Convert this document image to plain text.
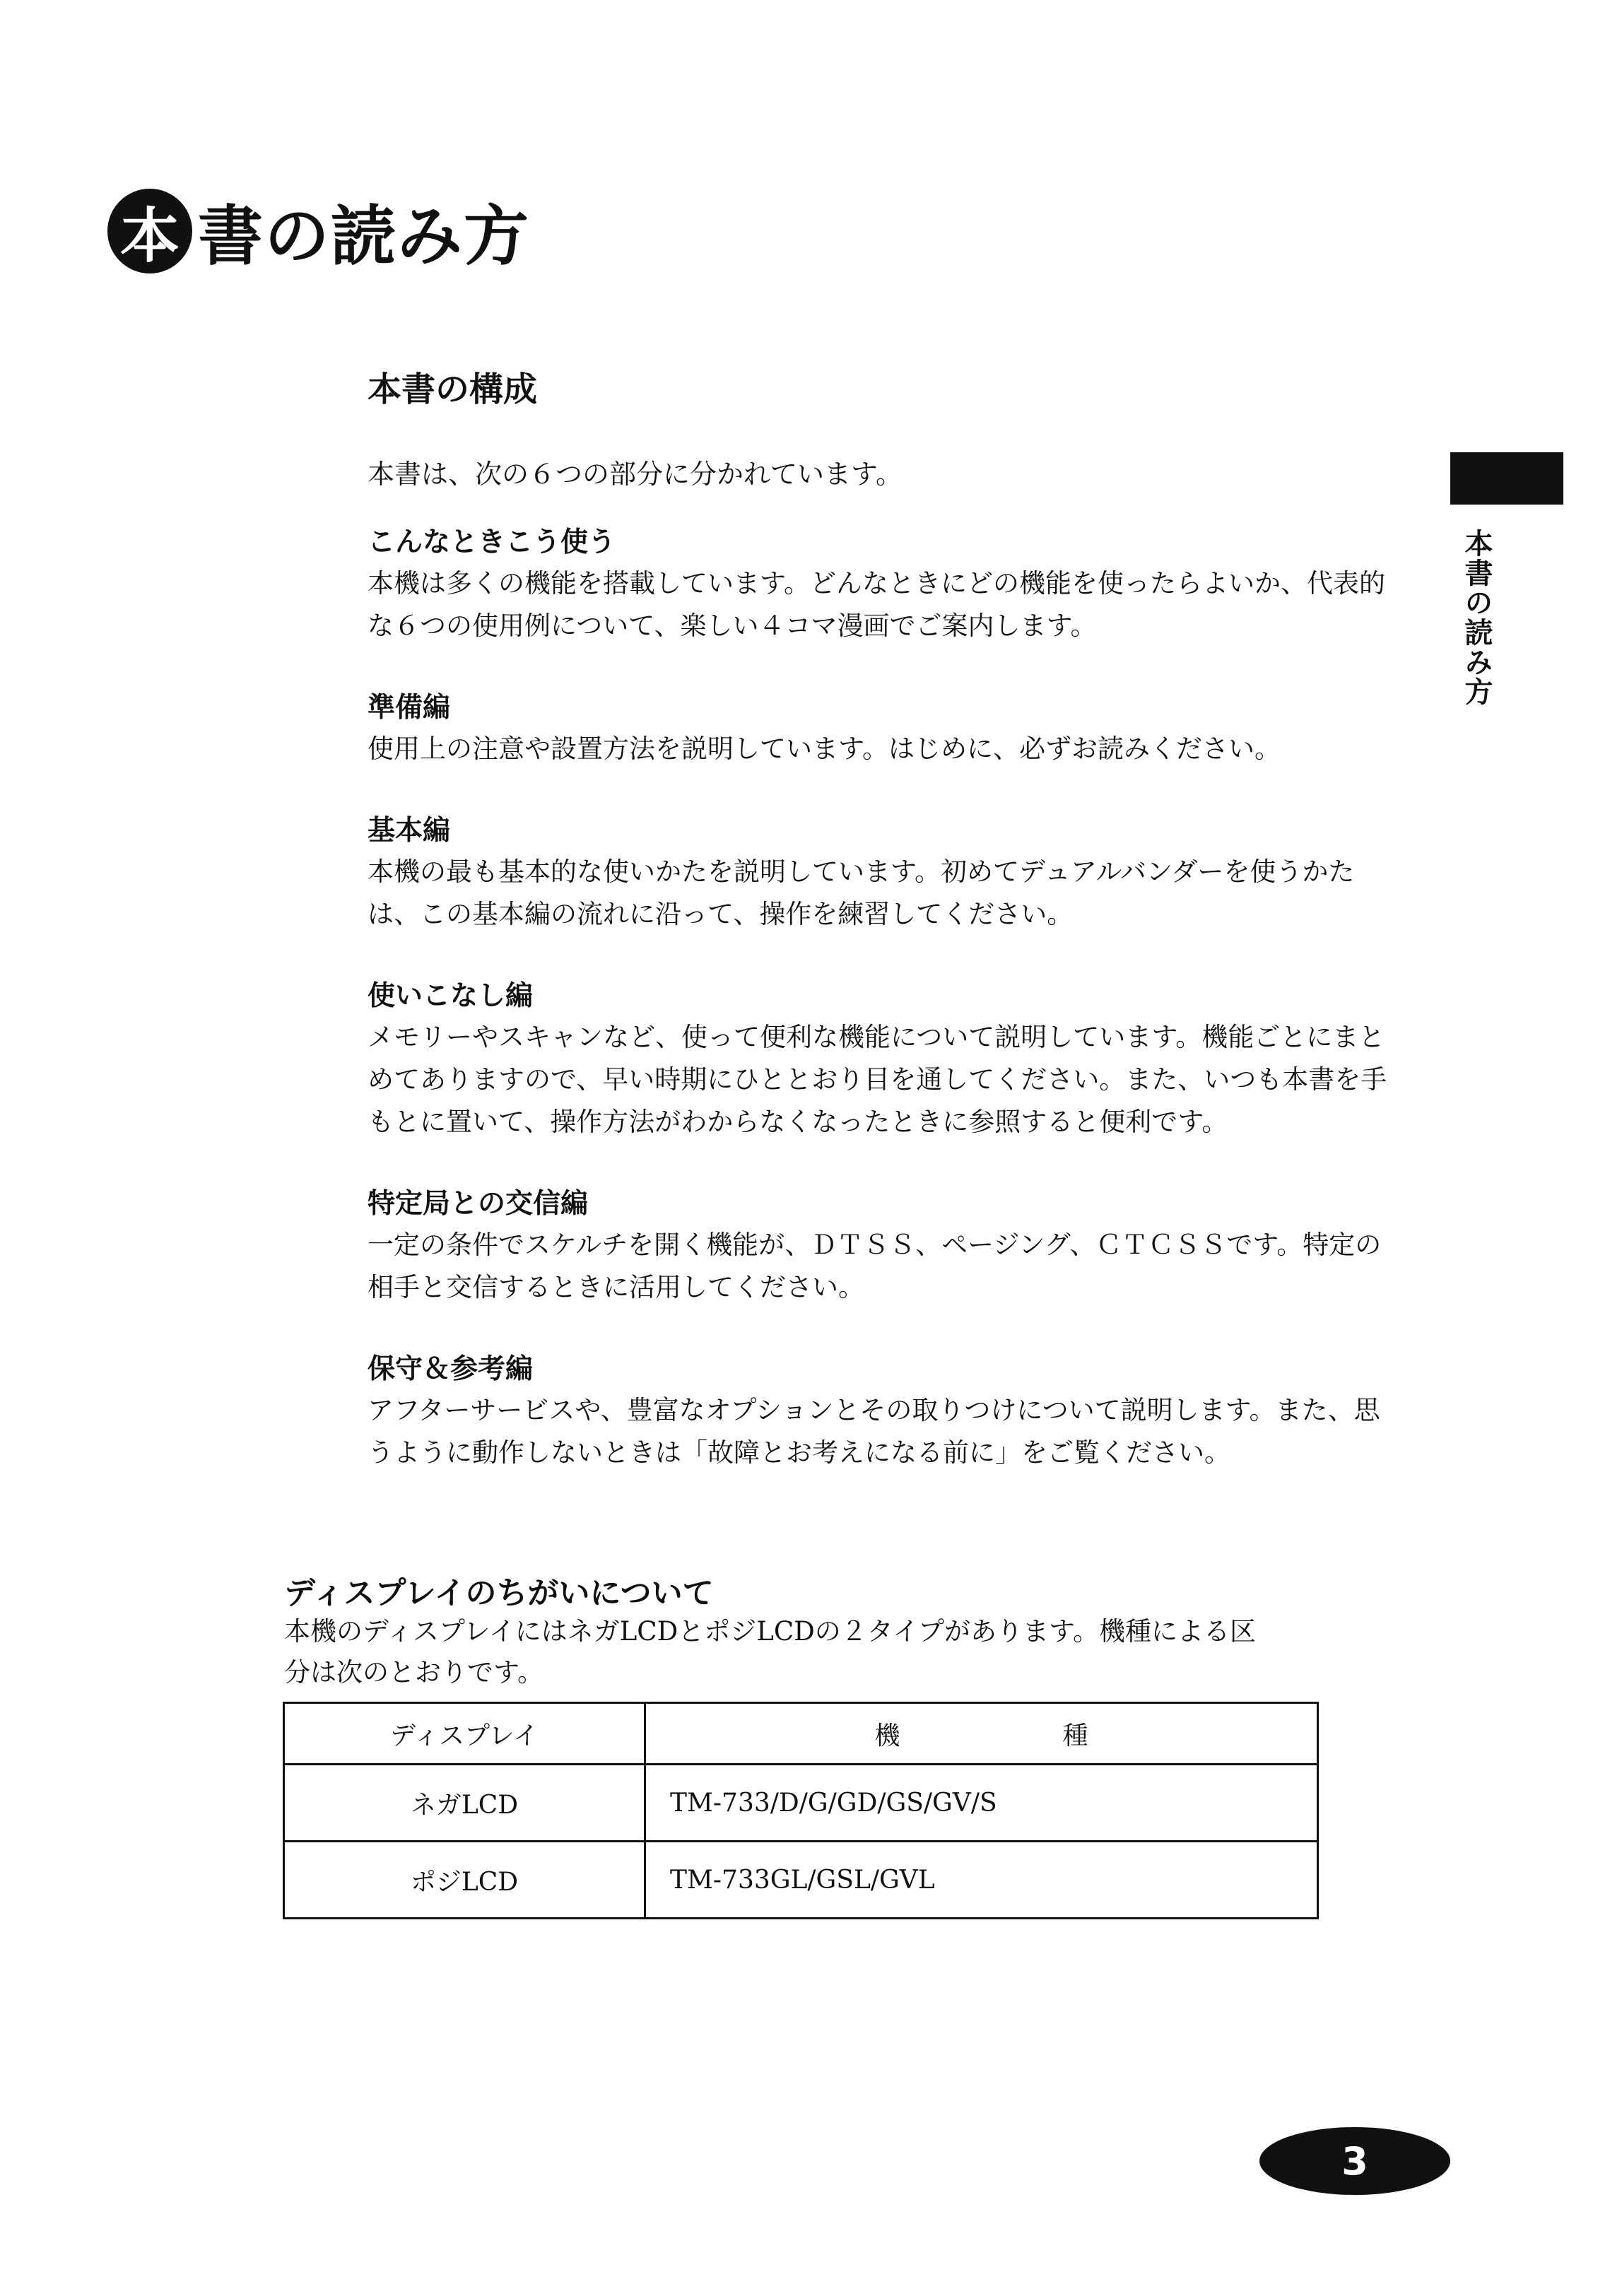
本 書の読み方
本書の読み方
本書の構成
本書は、次の６つの部分に分かれています。
こんなときこう使う
本機は多くの機能を搭載しています。どんなときにどの機能を使ったらよいか、代表的
な６つの使用例について、楽しい４コマ漫画でご案内します。
準備編
使用上の注意や設置方法を説明しています。はじめに、必ずお読みください。
基本編
本機の最も基本的な使いかたを説明しています。初めてデュアルバンダーを使うかた
は、この基本編の流れに沿って、操作を練習してください。
使いこなし編
メモリーやスキャンなど、使って便利な機能について説明しています。機能ごとにまと
めてありますので、早い時期にひととおり目を通してください。また、いつも本書を手
もとに置いて、操作方法がわからなくなったときに参照すると便利です。
特定局との交信編
一定の条件でスケルチを開く機能が、ＤＴＳＳ、ページング、ＣＴＣＳＳです。特定の
相手と交信するときに活用してください。
保守＆参考編
アフターサービスや、豊富なオプションとその取りつけについて説明します。また、思
うように動作しないときは「故障とお考えになる前に」をご覧ください。
ディスプレイのちがいについて
本機のディスプレイにはネガLCDとポジLCDの２タイプがあります。機種による区
分は次のとおりです。
ディスプレイ	機種
ネガLCD	TM-733/D/G/GD/GS/GV/S
ポジLCD	TM-733GL/GSL/GVL
3
